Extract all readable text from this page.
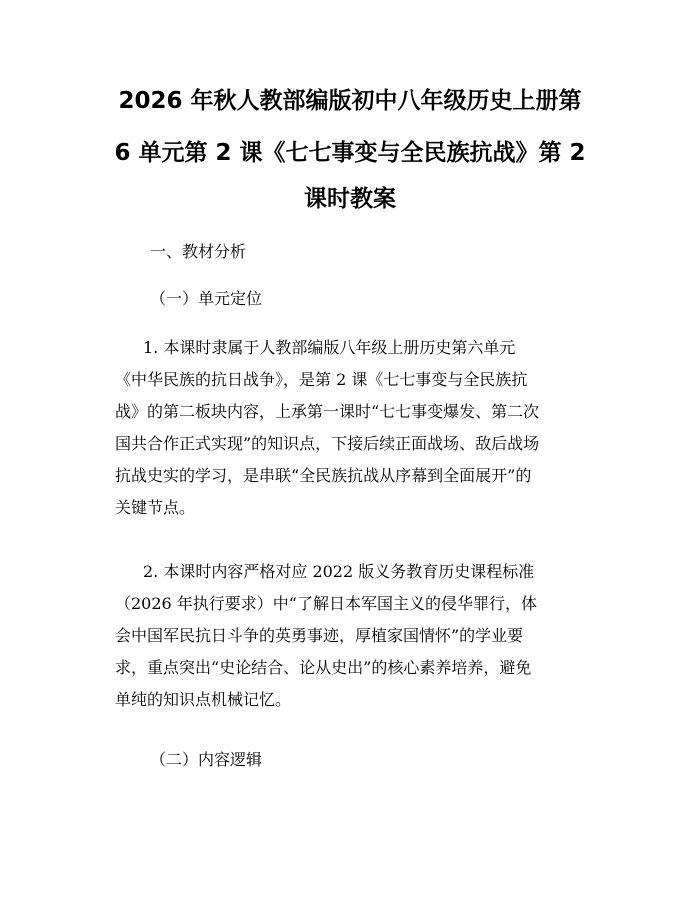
2026 年秋人教部编版初中八年级历史上册第
6 单元第 2 课《七七事变与全民族抗战》第 2
课时教案

一、教材分析

（一）单元定位

1. 本课时隶属于人教部编版八年级上册历史第六单元

《中华民族的抗日战争》，是第 2 课《七七事变与全民族抗

战》的第二板块内容，上承第一课时“七七事变爆发、第二次

国共合作正式实现”的知识点，下接后续正面战场、敌后战场

抗战史实的学习，是串联“全民族抗战从序幕到全面展开”的

关键节点。

2. 本课时内容严格对应 2022 版义务教育历史课程标准

（2026 年执行要求）中“了解日本军国主义的侵华罪行，体

会中国军民抗日斗争的英勇事迹，厚植家国情怀”的学业要

求，重点突出“史论结合、论从史出”的核心素养培养，避免

单纯的知识点机械记忆。

（二）内容逻辑
